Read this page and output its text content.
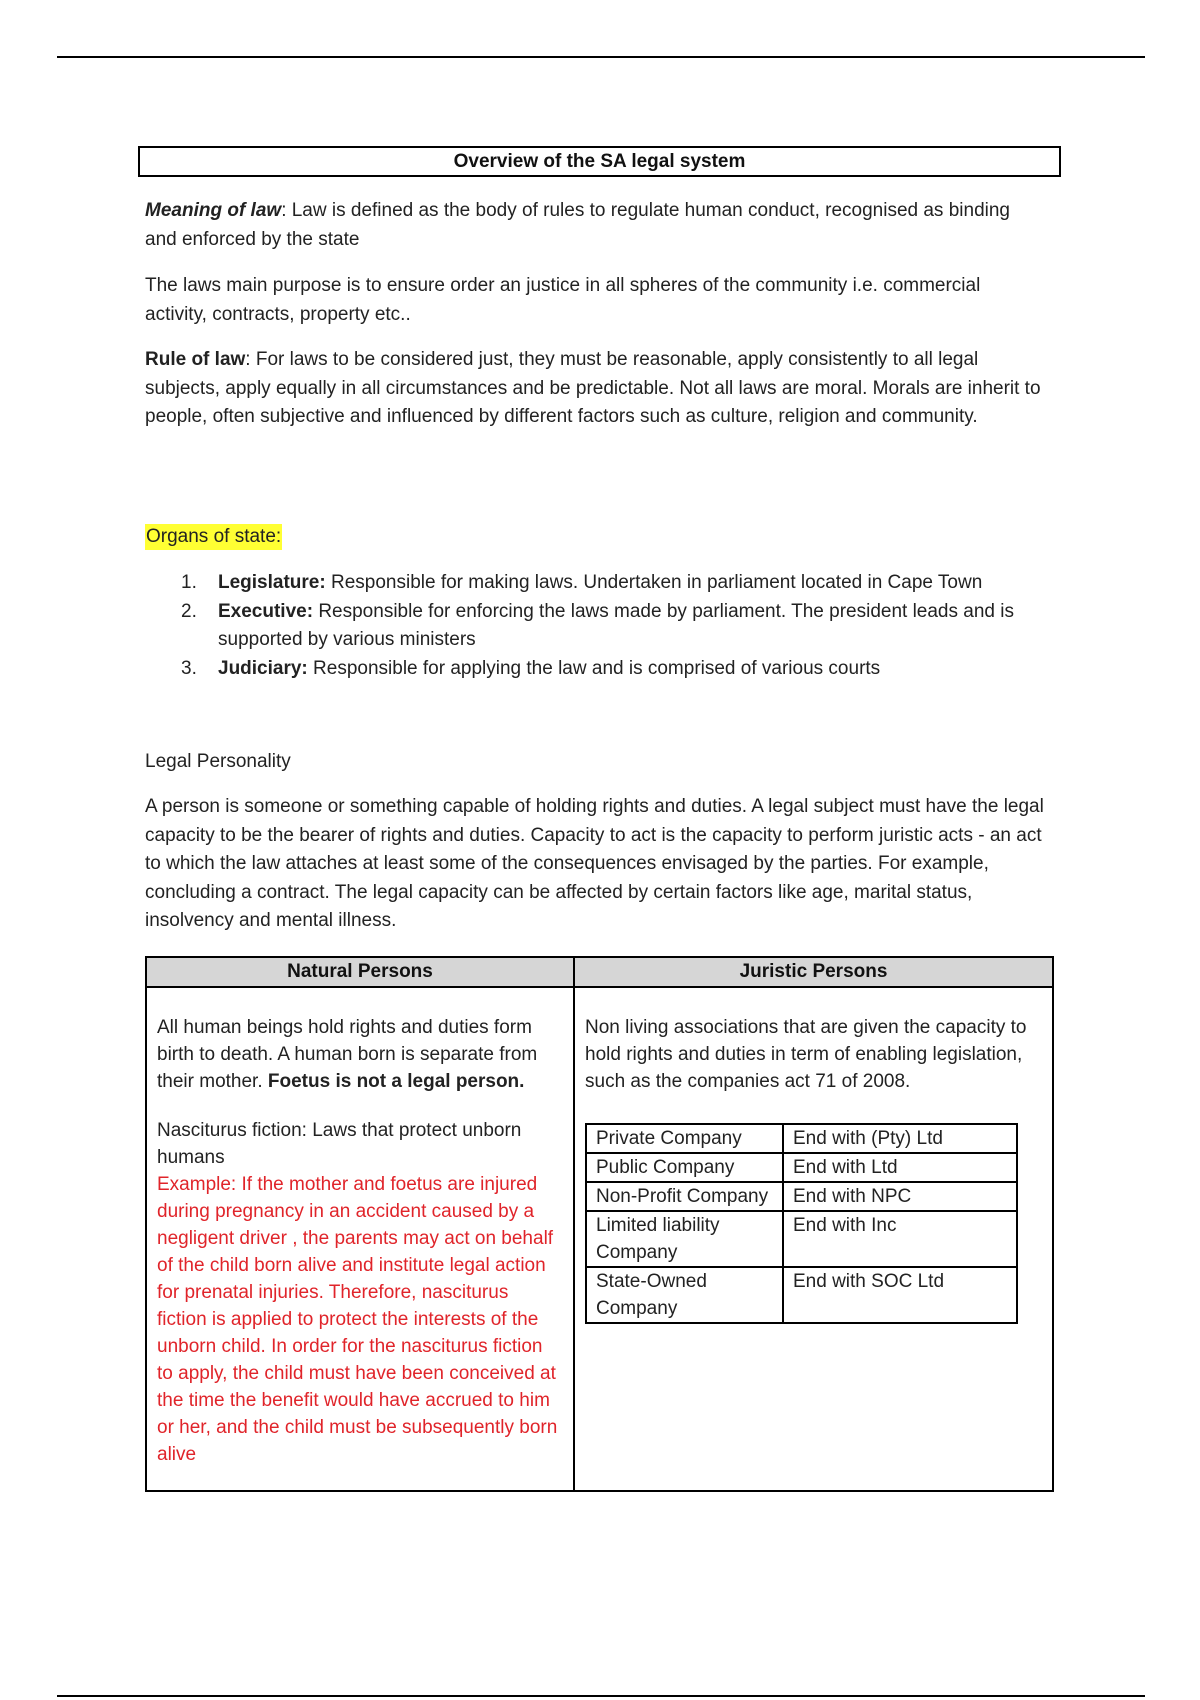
Overview of the SA legal system

Meaning of law: Law is defined as the body of rules to regulate human conduct, recognised as binding and enforced by the state

The laws main purpose is to ensure order an justice in all spheres of the community i.e. commercial activity, contracts, property etc..

Rule of law: For laws to be considered just, they must be reasonable, apply consistently to all legal subjects, apply equally in all circumstances and be predictable. Not all laws are moral. Morals are inherit to people, often subjective and influenced by different factors such as culture, religion and community.

Organs of state:
1. Legislature: Responsible for making laws. Undertaken in parliament located in Cape Town
2. Executive: Responsible for enforcing the laws made by parliament. The president leads and is supported by various ministers
3. Judiciary: Responsible for applying the law and is comprised of various courts
Legal Personality

A person is someone or something capable of holding rights and duties. A legal subject must have the legal capacity to be the bearer of rights and duties. Capacity to act is the capacity to perform juristic acts - an act to which the law attaches at least some of the consequences envisaged by the parties. For example, concluding a contract. The legal capacity can be affected by certain factors like age, marital status, insolvency and mental illness.

Natural Persons	Juristic Persons

All human beings hold rights and duties form birth to death. A human born is separate from their mother. Foetus is not a legal person.
Nasciturus fiction: Laws that protect unborn humans
Example: If the mother and foetus are injured during pregnancy in an accident caused by a negligent driver , the parents may act on behalf of the child born alive and institute legal action for prenatal injuries. Therefore, nasciturus fiction is applied to protect the interests of the unborn child. In order for the nasciturus fiction to apply, the child must have been conceived at the time the benefit would have accrued to him or her, and the child must be subsequently born alive

Non living associations that are given the capacity to hold rights and duties in term of enabling legislation, such as the companies act 71 of 2008.
Private Company	End with (Pty) Ltd
Public Company	End with Ltd
Non-Profit Company	End with NPC
Limited liability Company	End with Inc
State-Owned Company	End with SOC Ltd
